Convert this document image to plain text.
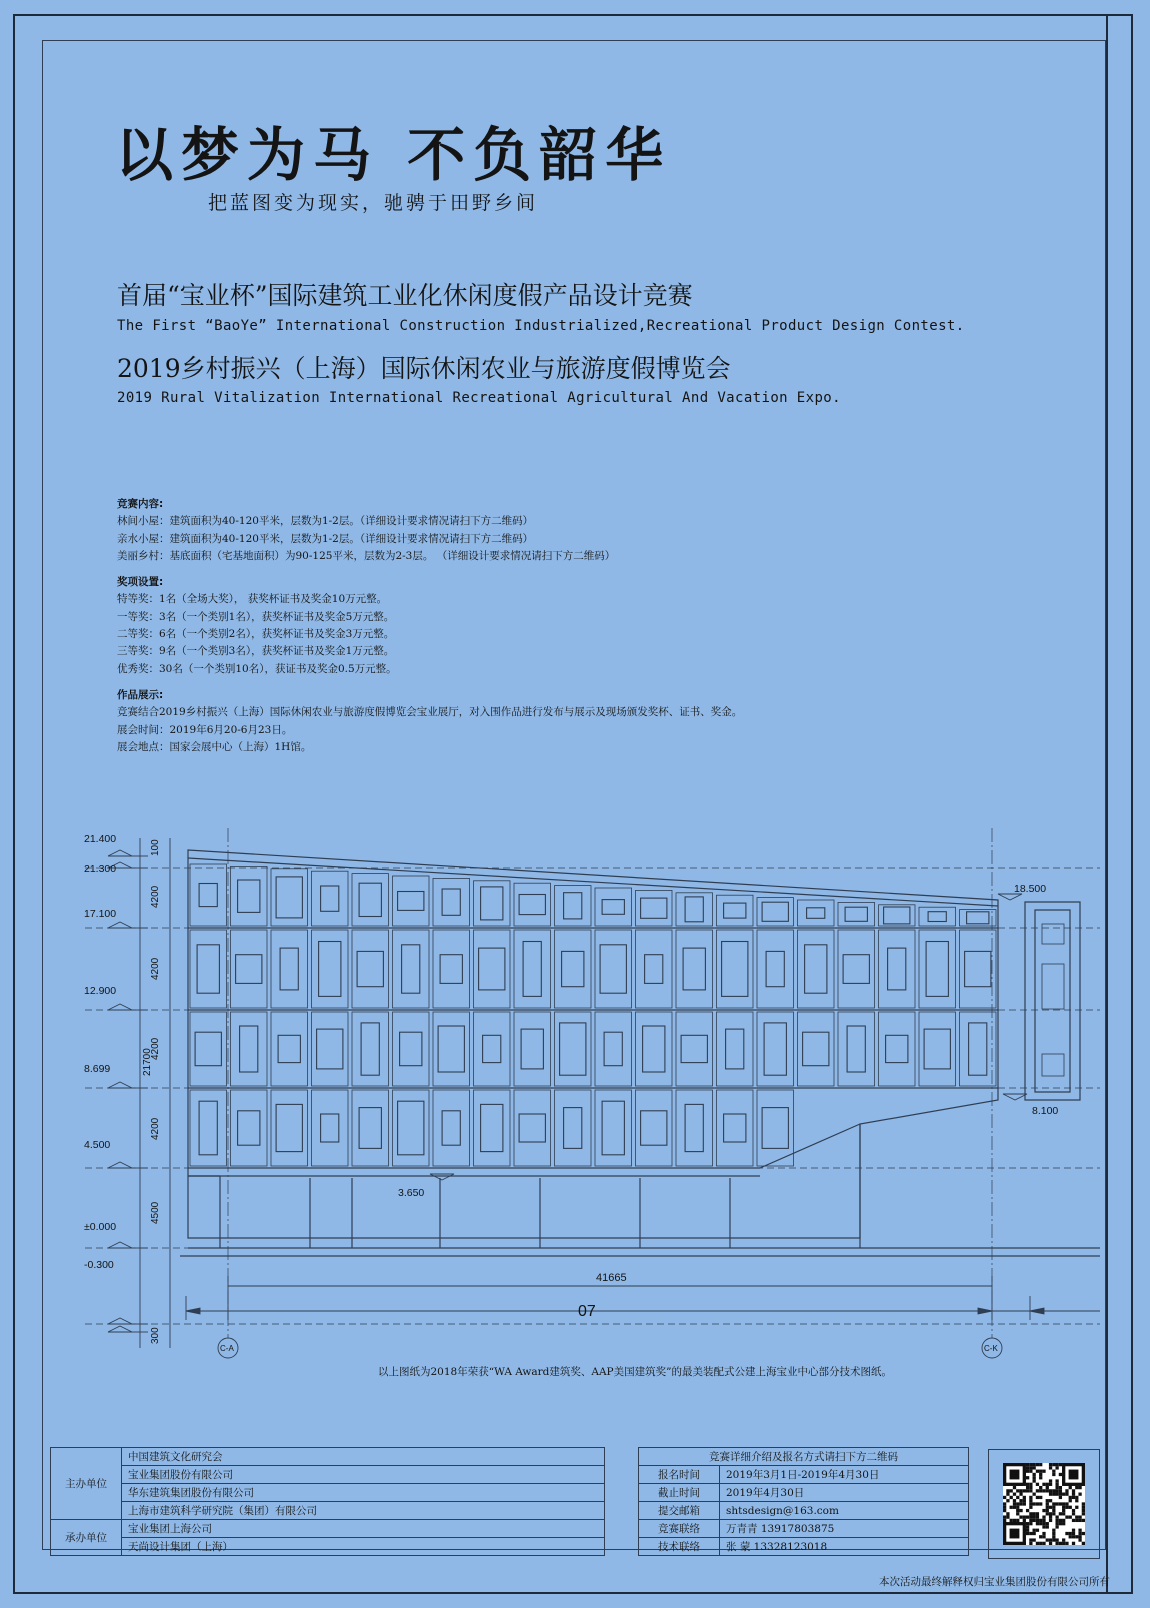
以梦为马 不负韶华
把蓝图变为现实，驰骋于田野乡间
首届“宝业杯”国际建筑工业化休闲度假产品设计竞赛
The First “BaoYe” International Construction Industrialized,Recreational Product Design Contest.
2019乡村振兴（上海）国际休闲农业与旅游度假博览会
2019 Rural Vitalization International Recreational Agricultural And Vacation Expo.
竞赛内容:
林间小屋：建筑面积为40-120平米，层数为1-2层。（详细设计要求情况请扫下方二维码）
亲水小屋：建筑面积为40-120平米，层数为1-2层。（详细设计要求情况请扫下方二维码）
美丽乡村：基底面积（宅基地面积）为90-125平米，层数为2-3层。 （详细设计要求情况请扫下方二维码）
奖项设置:
特等奖：1名（全场大奖）， 获奖杯证书及奖金10万元整。
一等奖：3名（一个类别1名），获奖杯证书及奖金5万元整。
二等奖：6名（一个类别2名），获奖杯证书及奖金3万元整。
三等奖：9名（一个类别3名），获奖杯证书及奖金1万元整。
优秀奖：30名（一个类别10名），获证书及奖金0.5万元整。
作品展示:
竞赛结合2019乡村振兴（上海）国际休闲农业与旅游度假博览会宝业展厅，对入围作品进行发布与展示及现场颁发奖杯、证书、奖金。
展会时间：2019年6月20-6月23日。
展会地点：国家会展中心（上海）1H馆。
21.400
21.300
17.100
12.900
8.699
4.500
±0.000
-0.300
100
4200
4200
4200
4200
4500
300
21700
18.500
8.100
3.650
41665
07
C-A	C-K
以上图纸为2018年荣获“WA Award建筑奖、AAP美国建筑奖”的最美装配式公建上海宝业中心部分技术图纸。
主办单位	中国建筑文化研究会
	宝业集团股份有限公司
	华东建筑集团股份有限公司
	上海市建筑科学研究院（集团）有限公司
承办单位	宝业集团上海公司
	天尚设计集团（上海）
竞赛详细介绍及报名方式请扫下方二维码	
报名时间	2019年3月1日-2019年4月30日
截止时间	2019年4月30日
提交邮箱	shtsdesign@163.com
竞赛联络	万青青 13917803875
技术联络	张 蒙 13328123018
本次活动最终解释权归宝业集团股份有限公司所有
